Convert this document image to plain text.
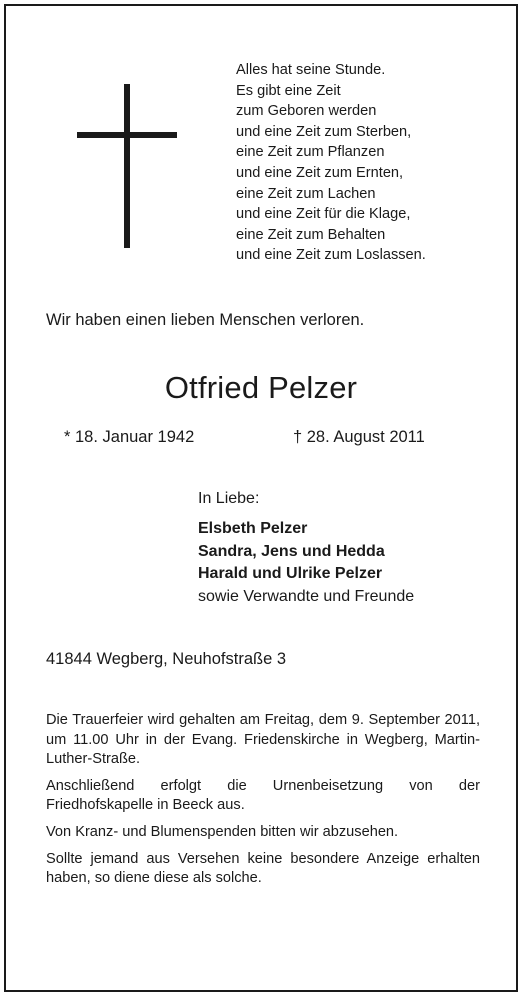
Alles hat seine Stunde.
Es gibt eine Zeit
zum Geboren werden
und eine Zeit zum Sterben,
eine Zeit zum Pflanzen
und eine Zeit zum Ernten,
eine Zeit zum Lachen
und eine Zeit für die Klage,
eine Zeit zum Behalten
und eine Zeit zum Loslassen.
Wir haben einen lieben Menschen verloren.
Otfried Pelzer
* 18. Januar 1942	† 28. August 2011
In Liebe:
Elsbeth Pelzer
Sandra, Jens und Hedda
Harald und Ulrike Pelzer
sowie Verwandte und Freunde
41844 Wegberg, Neuhofstraße 3

Die Trauerfeier wird gehalten am Freitag, dem 9. September 2011, um 11.00 Uhr in der Evang. Friedenskirche in Wegberg, Martin-Luther-Straße.

Anschließend erfolgt die Urnenbeisetzung von der Friedhofskapelle in Beeck aus.

Von Kranz- und Blumenspenden bitten wir abzusehen.

Sollte jemand aus Versehen keine besondere Anzeige erhalten haben, so diene diese als solche.
